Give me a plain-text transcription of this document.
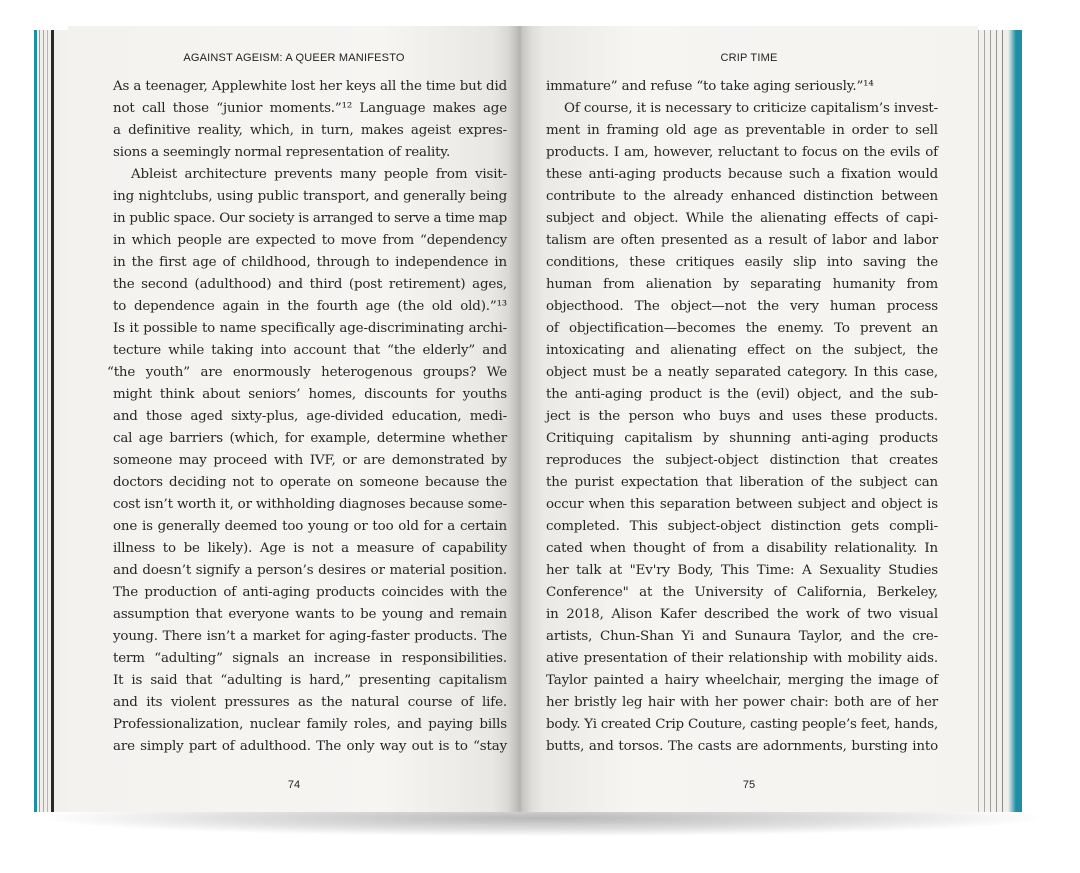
AGAINST AGEISM: A QUEER MANIFESTO
As a teenager, Applewhite lost her keys all the time but did
not call those “junior moments.”¹² Language makes age
a definitive reality, which, in turn, makes ageist expres-
sions a seemingly normal representation of reality.
Ableist architecture prevents many people from visit-
ing nightclubs, using public transport, and generally being
in public space. Our society is arranged to serve a time map
in which people are expected to move from “dependency
in the first age of childhood, through to independence in
the second (adulthood) and third (post retirement) ages,
to dependence again in the fourth age (the old old).”¹³
Is it possible to name specifically age-discriminating archi-
tecture while taking into account that “the elderly” and
“the youth” are enormously heterogenous groups? We
might think about seniors’ homes, discounts for youths
and those aged sixty-plus, age-divided education, medi-
cal age barriers (which, for example, determine whether
someone may proceed with IVF, or are demonstrated by
doctors deciding not to operate on someone because the
cost isn’t worth it, or withholding diagnoses because some-
one is generally deemed too young or too old for a certain
illness to be likely). Age is not a measure of capability
and doesn’t signify a person’s desires or material position.
The production of anti-aging products coincides with the
assumption that everyone wants to be young and remain
young. There isn’t a market for aging-faster products. The
term “adulting” signals an increase in responsibilities.
It is said that “adulting is hard,” presenting capitalism
and its violent pressures as the natural course of life.
Professionalization, nuclear family roles, and paying bills
are simply part of adulthood. The only way out is to “stay
74
CRIP TIME
immature” and refuse “to take aging seriously.”¹⁴
Of course, it is necessary to criticize capitalism’s invest-
ment in framing old age as preventable in order to sell
products. I am, however, reluctant to focus on the evils of
these anti-aging products because such a fixation would
contribute to the already enhanced distinction between
subject and object. While the alienating effects of capi-
talism are often presented as a result of labor and labor
conditions, these critiques easily slip into saving the
human from alienation by separating humanity from
objecthood. The object—not the very human process
of objectification—becomes the enemy. To prevent an
intoxicating and alienating effect on the subject, the
object must be a neatly separated category. In this case,
the anti-aging product is the (evil) object, and the sub-
ject is the person who buys and uses these products.
Critiquing capitalism by shunning anti-aging products
reproduces the subject-object distinction that creates
the purist expectation that liberation of the subject can
occur when this separation between subject and object is
completed. This subject-object distinction gets compli-
cated when thought of from a disability relationality. In
her talk at "Ev'ry Body, This Time: A Sexuality Studies
Conference" at the University of California, Berkeley,
in 2018, Alison Kafer described the work of two visual
artists, Chun-Shan Yi and Sunaura Taylor, and the cre-
ative presentation of their relationship with mobility aids.
Taylor painted a hairy wheelchair, merging the image of
her bristly leg hair with her power chair: both are of her
body. Yi created Crip Couture, casting people’s feet, hands,
butts, and torsos. The casts are adornments, bursting into
75
